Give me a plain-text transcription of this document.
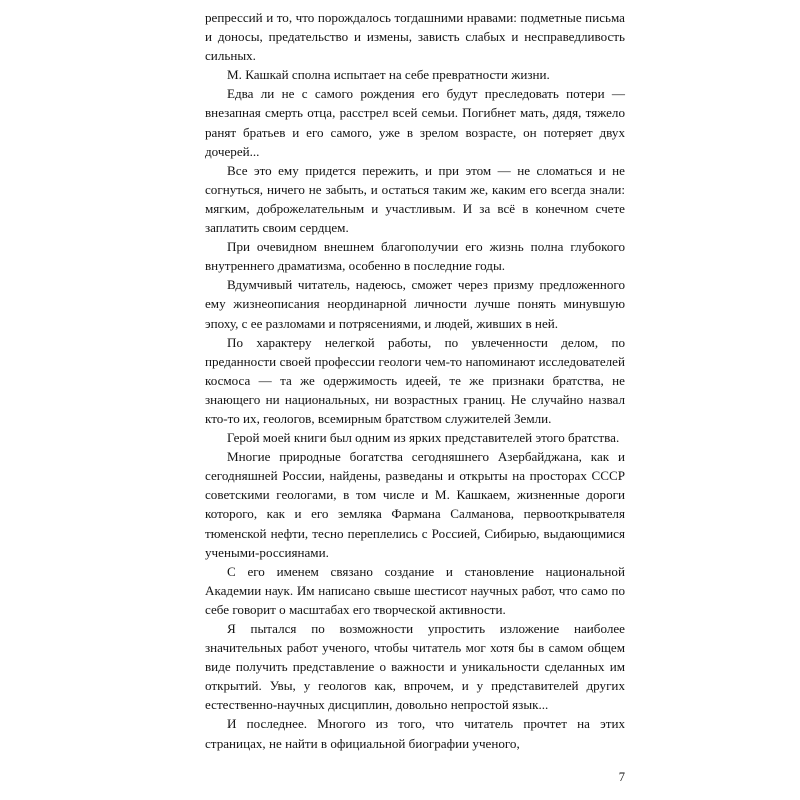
репрессий и то, что порождалось тогдашними нравами: подметные письма и доносы, предательство и измены, зависть слабых и несправедливость сильных.

М. Кашкай сполна испытает на себе превратности жизни.

Едва ли не с самого рождения его будут преследовать потери — внезапная смерть отца, расстрел всей семьи. Погибнет мать, дядя, тяжело ранят братьев и его самого, уже в зрелом возрасте, он потеряет двух дочерей...

Все это ему придется пережить, и при этом — не сломаться и не согнуться, ничего не забыть, и остаться таким же, каким его всегда знали: мягким, доброжелательным и участливым. И за всё в конечном счете заплатить своим сердцем.

При очевидном внешнем благополучии его жизнь полна глубокого внутреннего драматизма, особенно в последние годы.

Вдумчивый читатель, надеюсь, сможет через призму предложенного ему жизнеописания неординарной личности лучше понять минувшую эпоху, с ее разломами и потрясениями, и людей, живших в ней.

По характеру нелегкой работы, по увлеченности делом, по преданности своей профессии геологи чем-то напоминают исследователей космоса — та же одержимость идеей, те же признаки братства, не знающего ни национальных, ни возрастных границ. Не случайно назвал кто-то их, геологов, всемирным братством служителей Земли.

Герой моей книги был одним из ярких представителей этого братства.

Многие природные богатства сегодняшнего Азербайджана, как и сегодняшней России, найдены, разведаны и открыты на просторах СССР советскими геологами, в том числе и М. Кашкаем, жизненные дороги которого, как и его земляка Фармана Салманова, первооткрывателя тюменской нефти, тесно переплелись с Россией, Сибирью, выдающимися учеными-россиянами.

С его именем связано создание и становление национальной Академии наук. Им написано свыше шестисот научных работ, что само по себе говорит о масштабах его творческой активности.

Я пытался по возможности упростить изложение наиболее значительных работ ученого, чтобы читатель мог хотя бы в самом общем виде получить представление о важности и уникальности сделанных им открытий. Увы, у геологов как, впрочем, и у представителей других естественно-научных дисциплин, довольно непростой язык...

И последнее. Многого из того, что читатель прочтет на этих страницах, не найти в официальной биографии ученого,

7
